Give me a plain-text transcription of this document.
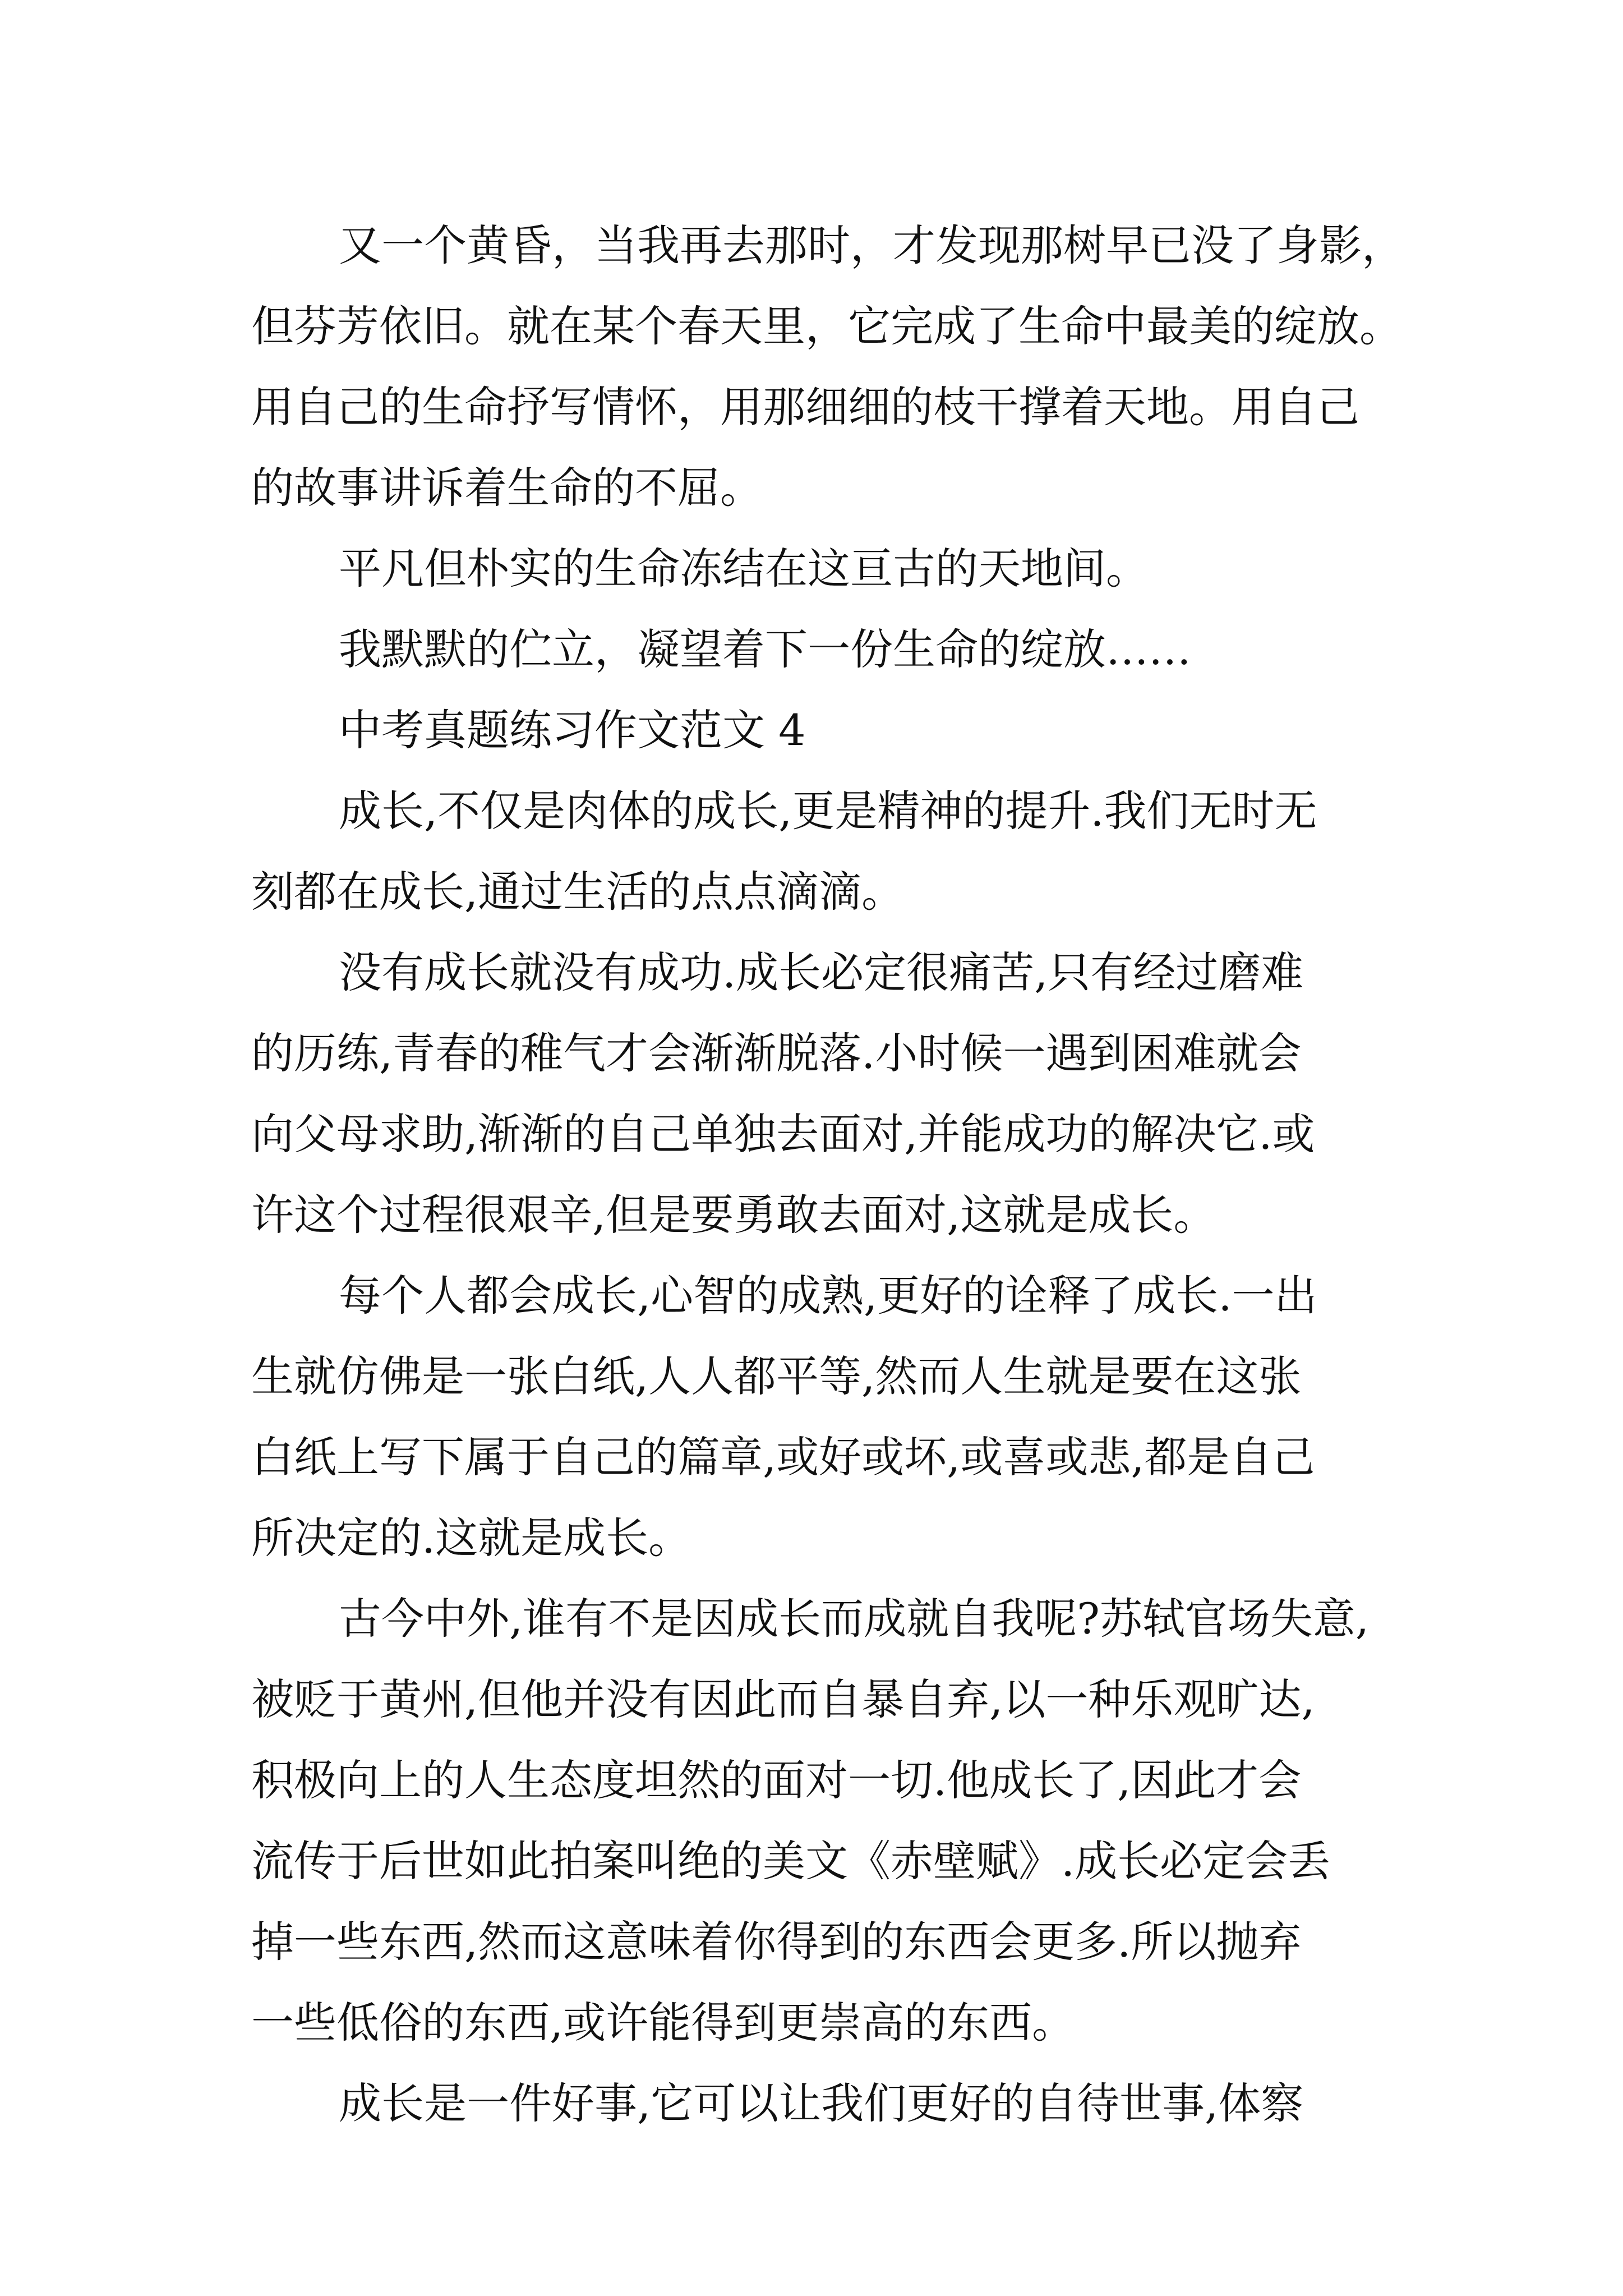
又一个黄昏，当我再去那时，才发现那树早已没了身影，

但芬芳依旧。就在某个春天里，它完成了生命中最美的绽放。

用自己的生命抒写情怀，用那细细的枝干撑着天地。用自己

的故事讲诉着生命的不屈。

平凡但朴实的生命冻结在这亘古的天地间。

我默默的伫立，凝望着下一份生命的绽放……

中考真题练习作文范文 4

成长,不仅是肉体的成长,更是精神的提升.我们无时无

刻都在成长,通过生活的点点滴滴。

没有成长就没有成功.成长必定很痛苦,只有经过磨难

的历练,青春的稚气才会渐渐脱落.小时候一遇到困难就会

向父母求助,渐渐的自己单独去面对,并能成功的解决它.或

许这个过程很艰辛,但是要勇敢去面对,这就是成长。

每个人都会成长,心智的成熟,更好的诠释了成长.一出

生就仿佛是一张白纸,人人都平等,然而人生就是要在这张

白纸上写下属于自己的篇章,或好或坏,或喜或悲,都是自己

所决定的.这就是成长。

古今中外,谁有不是因成长而成就自我呢?苏轼官场失意,

被贬于黄州,但他并没有因此而自暴自弃,以一种乐观旷达,

积极向上的人生态度坦然的面对一切.他成长了,因此才会

流传于后世如此拍案叫绝的美文《赤壁赋》.成长必定会丢

掉一些东西,然而这意味着你得到的东西会更多.所以抛弃

一些低俗的东西,或许能得到更崇高的东西。

成长是一件好事,它可以让我们更好的自待世事,体察
